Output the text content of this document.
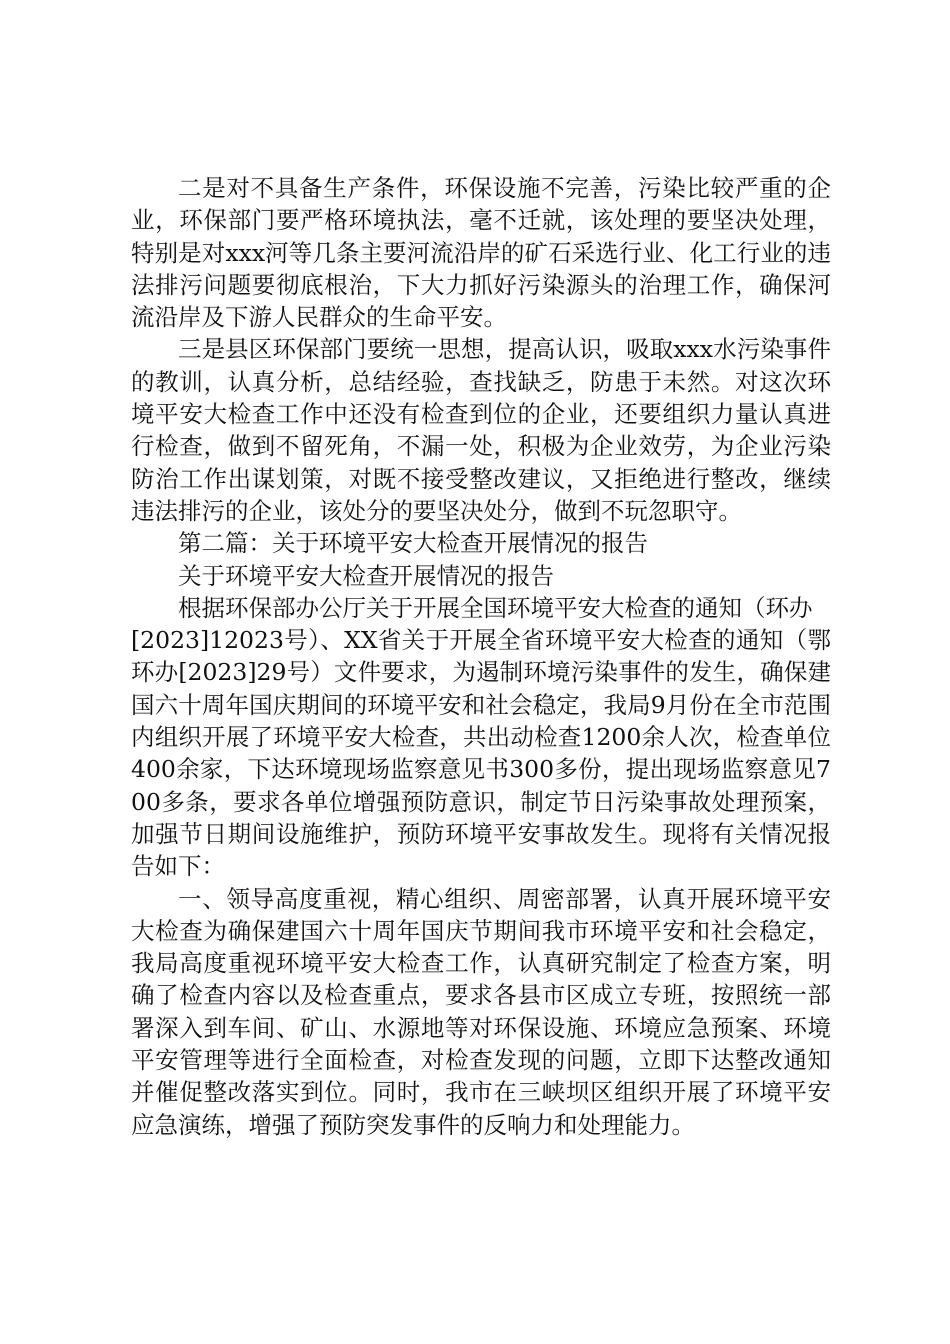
二是对不具备生产条件，环保设施不完善，污染比较严重的企业，环保部门要严格环境执法，毫不迁就，该处理的要坚决处理，特别是对xxx河等几条主要河流沿岸的矿石采选行业、化工行业的违法排污问题要彻底根治，下大力抓好污染源头的治理工作，确保河流沿岸及下游人民群众的生命平安。

三是县区环保部门要统一思想，提高认识，吸取xxx水污染事件的教训，认真分析，总结经验，查找缺乏，防患于未然。对这次环境平安大检查工作中还没有检查到位的企业，还要组织力量认真进行检查，做到不留死角，不漏一处，积极为企业效劳，为企业污染防治工作出谋划策，对既不接受整改建议，又拒绝进行整改，继续违法排污的企业，该处分的要坚决处分，做到不玩忽职守。

第二篇：关于环境平安大检查开展情况的报告

关于环境平安大检查开展情况的报告

根据环保部办公厅关于开展全国环境平安大检查的通知（环办

[2023]12023号）、XX省关于开展全省环境平安大检查的通知（鄂环办[2023]29号）文件要求，为遏制环境污染事件的发生，确保建国六十周年国庆期间的环境平安和社会稳定，我局9月份在全市范围内组织开展了环境平安大检查，共出动检查1200余人次，检查单位400余家，下达环境现场监察意见书300多份，提出现场监察意见700多条，要求各单位增强预防意识，制定节日污染事故处理预案，加强节日期间设施维护，预防环境平安事故发生。现将有关情况报告如下：

一、领导高度重视，精心组织、周密部署，认真开展环境平安大检查为确保建国六十周年国庆节期间我市环境平安和社会稳定，我局高度重视环境平安大检查工作，认真研究制定了检查方案，明确了检查内容以及检查重点，要求各县市区成立专班，按照统一部署深入到车间、矿山、水源地等对环保设施、环境应急预案、环境平安管理等进行全面检查，对检查发现的问题，立即下达整改通知并催促整改落实到位。同时，我市在三峡坝区组织开展了环境平安应急演练，增强了预防突发事件的反响力和处理能力。
